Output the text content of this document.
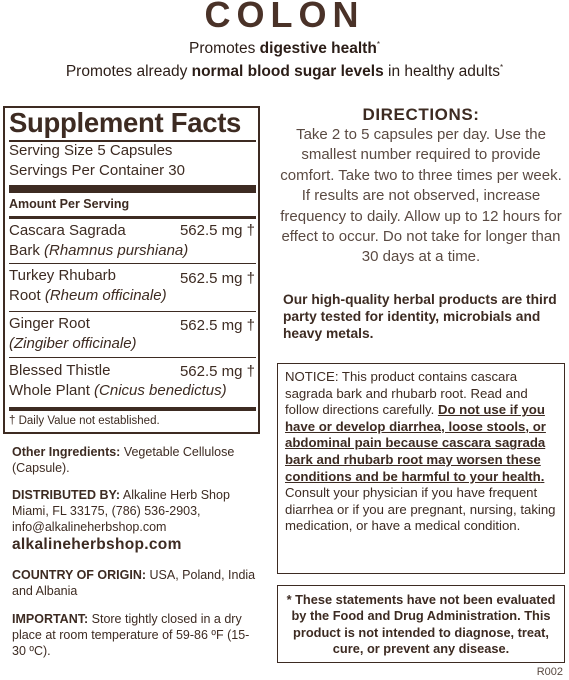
COLON
Promotes digestive health*
Promotes already normal blood sugar levels in healthy adults*
Supplement Facts
Serving Size 5 Capsules
Servings Per Container 30
Amount Per Serving
Cascara Sagrada
Bark (Rhamnus purshiana)
562.5 mg †
Turkey Rhubarb
Root (Rheum officinale)
562.5 mg †
Ginger Root
(Zingiber officinale)
562.5 mg †
Blessed Thistle
Whole Plant (Cnicus benedictus)
562.5 mg †
† Daily Value not established.
Other Ingredients: Vegetable Cellulose (Capsule).
DISTRIBUTED BY: Alkaline Herb Shop
Miami, FL 33175, (786) 536-2903,
info@alkalineherbshop.com
alkalineherbshop.com
COUNTRY OF ORIGIN: USA, Poland, India and Albania
IMPORTANT: Store tightly closed in a dry place at room temperature of 59-86 ºF (15-30 ºC).
DIRECTIONS:
Take 2 to 5 capsules per day. Use the smallest number required to provide comfort. Take two to three times per week. If results are not observed, increase frequency to daily. Allow up to 12 hours for effect to occur. Do not take for longer than 30 days at a time.
Our high-quality herbal products are third party tested for identity, microbials and heavy metals.
NOTICE: This product contains cascara sagrada bark and rhubarb root. Read and follow directions carefully. Do not use if you have or develop diarrhea, loose stools, or abdominal pain because cascara sagrada bark and rhubarb root may worsen these conditions and be harmful to your health. Consult your physician if you have frequent diarrhea or if you are pregnant, nursing, taking medication, or have a medical condition.
* These statements have not been evaluated by the Food and Drug Administration. This product is not intended to diagnose, treat, cure, or prevent any disease.
R002
